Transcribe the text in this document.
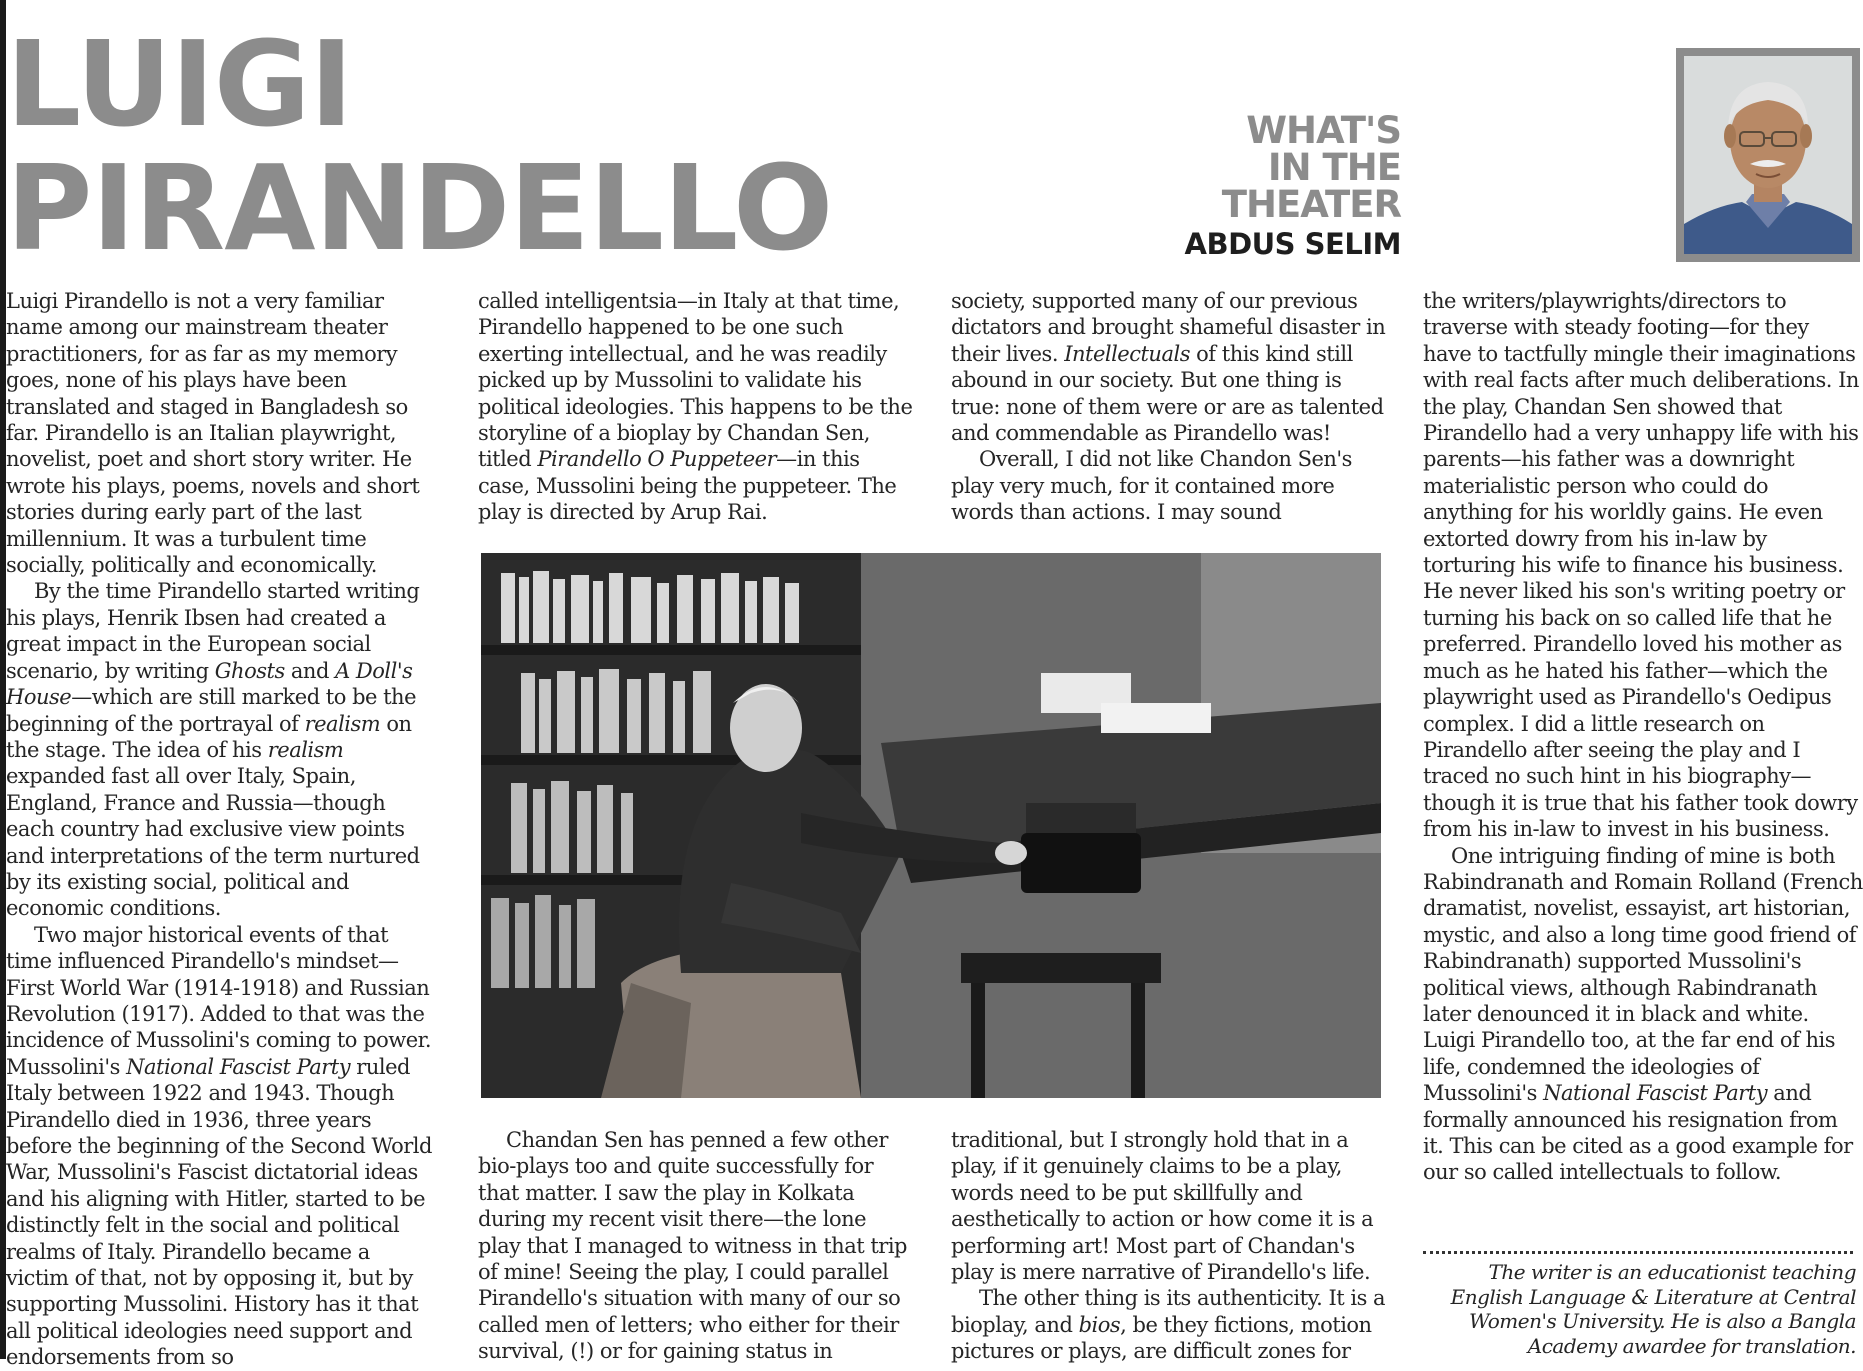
LUIGI
PIRANDELLO
WHAT'S
IN THE
THEATER
ABDUS SELIM

Luigi Pirandello is not a very familiar name among our mainstream theater practitioners, for as far as my memory goes, none of his plays have been translated and staged in Bangladesh so far. Pirandello is an Italian playwright, novelist, poet and short story writer. He wrote his plays, poems, novels and short stories during early part of the last millennium. It was a turbulent time socially, politically and economically.

By the time Pirandello started writing his plays, Henrik Ibsen had created a great impact in the European social scenario, by writing Ghosts and A Doll's House—which are still marked to be the beginning of the portrayal of realism on the stage. The idea of his realism expanded fast all over Italy, Spain, England, France and Russia—though each country had exclusive view points and interpretations of the term nurtured by its existing social, political and economic conditions.

Two major historical events of that time influenced Pirandello's mindset—First World War (1914-1918) and Russian Revolution (1917). Added to that was the incidence of Mussolini's coming to power. Mussolini's National Fascist Party ruled Italy between 1922 and 1943. Though Pirandello died in 1936, three years before the beginning of the Second World War, Mussolini's Fascist dictatorial ideas and his aligning with Hitler, started to be distinctly felt in the social and political realms of Italy. Pirandello became a victim of that, not by opposing it, but by supporting Mussolini. History has it that all political ideologies need support and endorsements from so

called intelligentsia—in Italy at that time, Pirandello happened to be one such exerting intellectual, and he was readily picked up by Mussolini to validate his political ideologies. This happens to be the storyline of a bioplay by Chandan Sen, titled Pirandello O Puppeteer—in this case, Mussolini being the puppeteer. The play is directed by Arup Rai.

society, supported many of our previous dictators and brought shameful disaster in their lives. Intellectuals of this kind still abound in our society. But one thing is true: none of them were or are as talented and commendable as Pirandello was!

Overall, I did not like Chandon Sen's play very much, for it contained more words than actions. I may sound

Chandan Sen has penned a few other bio-plays too and quite successfully for that matter. I saw the play in Kolkata during my recent visit there—the lone play that I managed to witness in that trip of mine! Seeing the play, I could parallel Pirandello's situation with many of our so called men of letters; who either for their survival, (!) or for gaining status in

traditional, but I strongly hold that in a play, if it genuinely claims to be a play, words need to be put skillfully and aesthetically to action or how come it is a performing art! Most part of Chandan's play is mere narrative of Pirandello's life.

The other thing is its authenticity. It is a bioplay, and bios, be they fictions, motion pictures or plays, are difficult zones for

the writers/playwrights/directors to traverse with steady footing—for they have to tactfully mingle their imaginations with real facts after much deliberations. In the play, Chandan Sen showed that Pirandello had a very unhappy life with his parents—his father was a downright materialistic person who could do anything for his worldly gains. He even extorted dowry from his in-law by torturing his wife to finance his business. He never liked his son's writing poetry or turning his back on so called life that he preferred. Pirandello loved his mother as much as he hated his father—which the playwright used as Pirandello's Oedipus complex. I did a little research on Pirandello after seeing the play and I traced no such hint in his biography—though it is true that his father took dowry from his in-law to invest in his business.

One intriguing finding of mine is both Rabindranath and Romain Rolland (French dramatist, novelist, essayist, art historian, mystic, and also a long time good friend of Rabindranath) supported Mussolini's political views, although Rabindranath later denounced it in black and white. Luigi Pirandello too, at the far end of his life, condemned the ideologies of Mussolini's National Fascist Party and formally announced his resignation from it. This can be cited as a good example for our so called intellectuals to follow.

The writer is an educationist teaching English Language & Literature at Central Women's University. He is also a Bangla Academy awardee for translation.
